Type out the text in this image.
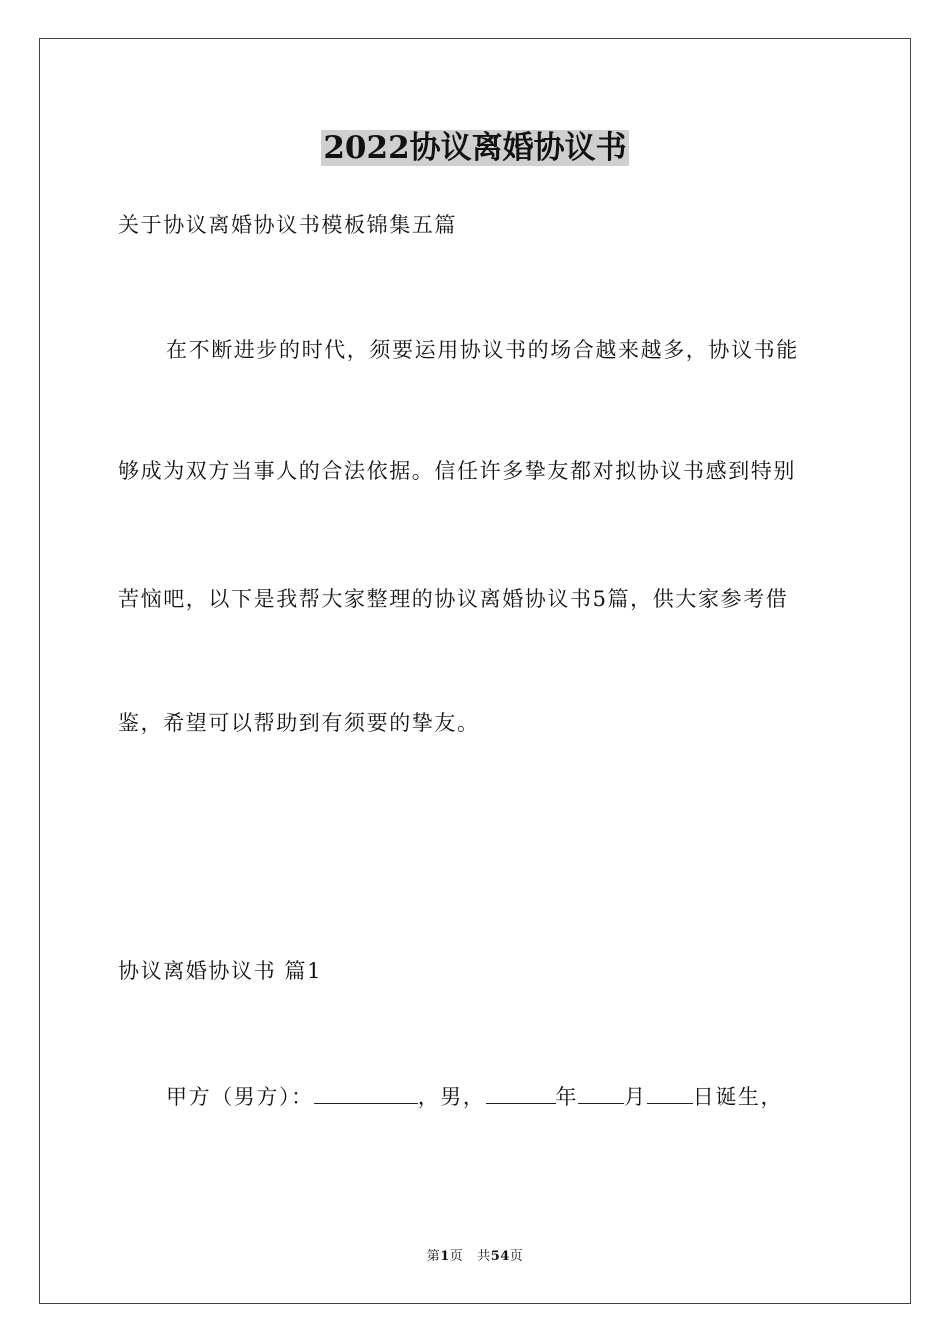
2022协议离婚协议书

关于协议离婚协议书模板锦集五篇

在不断进步的时代，须要运用协议书的场合越来越多，协议书能

够成为双方当事人的合法依据。信任许多挚友都对拟协议书感到特别

苦恼吧，以下是我帮大家整理的协议离婚协议书5篇，供大家参考借

鉴，希望可以帮助到有须要的挚友。

协议离婚协议书 篇1

甲方（男方）：	，男，	年 月 日诞生，

第1页 共54页
